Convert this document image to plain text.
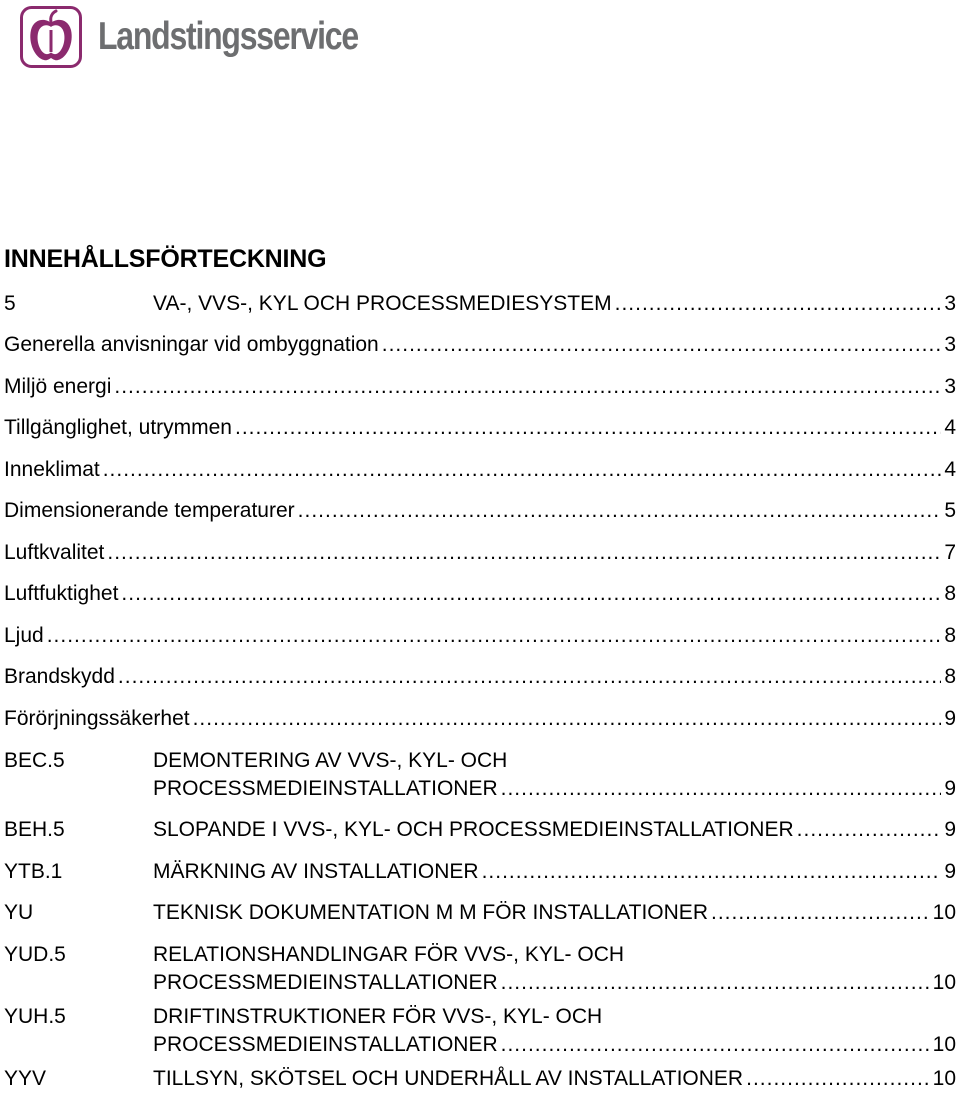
Landstingsservice
INNEHÅLLSFÖRTECKNING
5	VA-, VVS-, KYL OCH PROCESSMEDIESYSTEM .....	3
Generella anvisningar vid ombyggnation .....	3
Miljö energi .....	3
Tillgänglighet, utrymmen .....	4
Inneklimat .....	4
Dimensionerande temperaturer .....	5
Luftkvalitet .....	7
Luftfuktighet .....	8
Ljud .....	8
Brandskydd .....	8
Förörjningssäkerhet .....	9
BEC.5	DEMONTERING AV VVS-, KYL- OCH
PROCESSMEDIEINSTALLATIONER .....	9
BEH.5	SLOPANDE I VVS-, KYL- OCH PROCESSMEDIEINSTALLATIONER .....	9
YTB.1	MÄRKNING AV INSTALLATIONER .....	9
YU	TEKNISK DOKUMENTATION M M FÖR INSTALLATIONER .....	10
YUD.5	RELATIONSHANDLINGAR FÖR VVS-, KYL- OCH
PROCESSMEDIEINSTALLATIONER .....	10
YUH.5	DRIFTINSTRUKTIONER FÖR VVS-, KYL- OCH
PROCESSMEDIEINSTALLATIONER .....	10
YYV	TILLSYN, SKÖTSEL OCH UNDERHÅLL AV INSTALLATIONER .....	10
